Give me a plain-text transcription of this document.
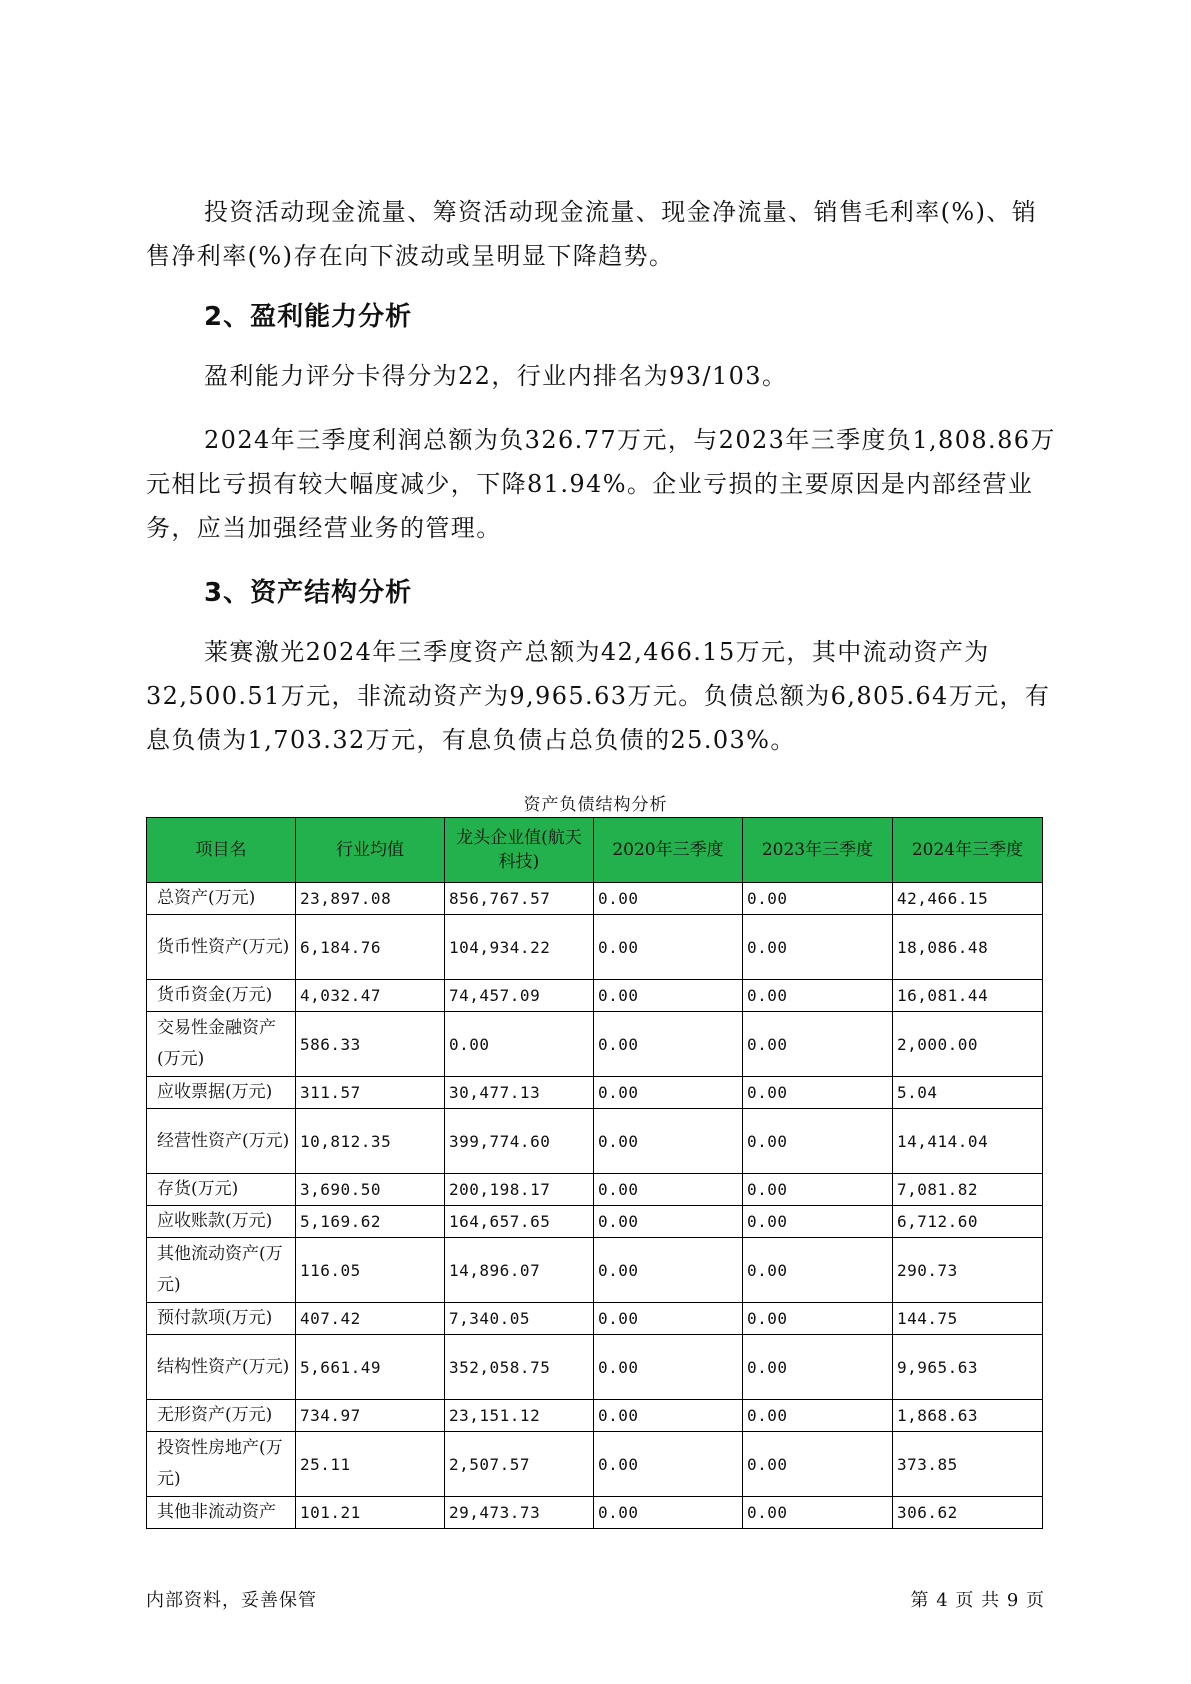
投资活动现金流量、筹资活动现金流量、现金净流量、销售毛利率(%)、销售净利率(%)存在向下波动或呈明显下降趋势。

2、盈利能力分析

盈利能力评分卡得分为22，行业内排名为93/103。

2024年三季度利润总额为负326.77万元，与2023年三季度负1,808.86万元相比亏损有较大幅度减少，下降81.94%。企业亏损的主要原因是内部经营业务，应当加强经营业务的管理。

3、资产结构分析

莱赛激光2024年三季度资产总额为42,466.15万元，其中流动资产为32,500.51万元，非流动资产为9,965.63万元。负债总额为6,805.64万元，有息负债为1,703.32万元，有息负债占总负债的25.03%。

资产负债结构分析
项目名	行业均值	龙头企业值(航天科技)	2020年三季度	2023年三季度	2024年三季度
总资产(万元)	23,897.08	856,767.57	0.00	0.00	42,466.15
货币性资产(万元)	6,184.76	104,934.22	0.00	0.00	18,086.48
货币资金(万元)	4,032.47	74,457.09	0.00	0.00	16,081.44
交易性金融资产(万元)	586.33	0.00	0.00	0.00	2,000.00
应收票据(万元)	311.57	30,477.13	0.00	0.00	5.04
经营性资产(万元)	10,812.35	399,774.60	0.00	0.00	14,414.04
存货(万元)	3,690.50	200,198.17	0.00	0.00	7,081.82
应收账款(万元)	5,169.62	164,657.65	0.00	0.00	6,712.60
其他流动资产(万元)	116.05	14,896.07	0.00	0.00	290.73
预付款项(万元)	407.42	7,340.05	0.00	0.00	144.75
结构性资产(万元)	5,661.49	352,058.75	0.00	0.00	9,965.63
无形资产(万元)	734.97	23,151.12	0.00	0.00	1,868.63
投资性房地产(万元)	25.11	2,507.57	0.00	0.00	373.85
其他非流动资产	101.21	29,473.73	0.00	0.00	306.62
内部资料，妥善保管	第 4 页 共 9 页
